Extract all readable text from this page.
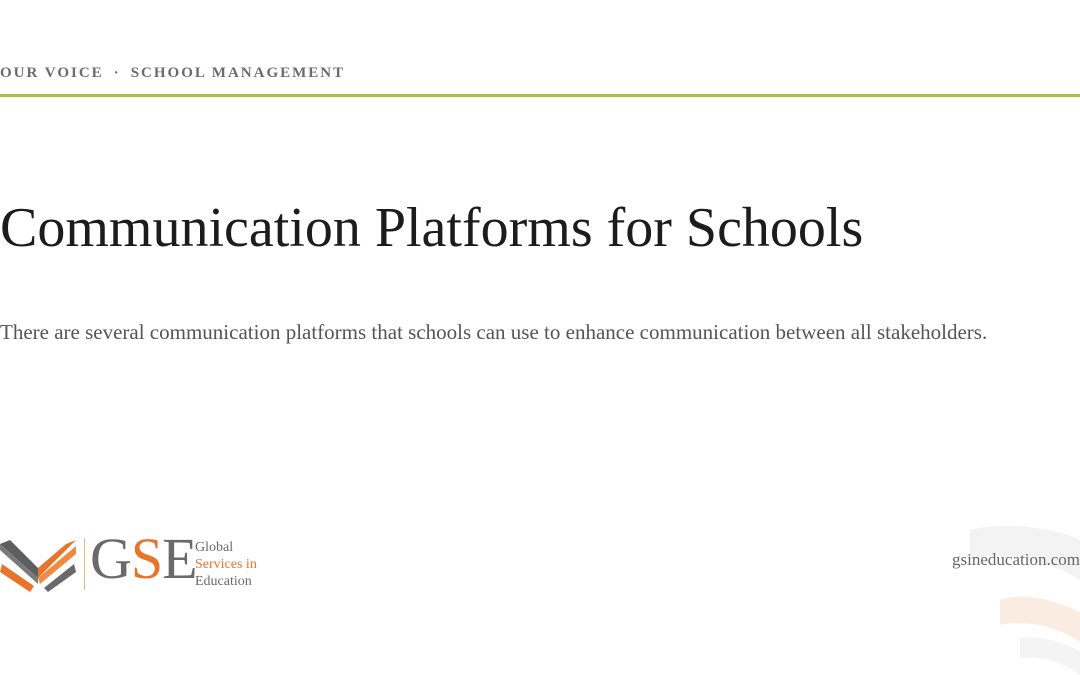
OUR VOICE · SCHOOL MANAGEMENT
Communication Platforms for Schools

There are several communication platforms that schools can use to enhance communication between all stakeholders.

GSE
Global
Services in
Education
gsineducation.com
